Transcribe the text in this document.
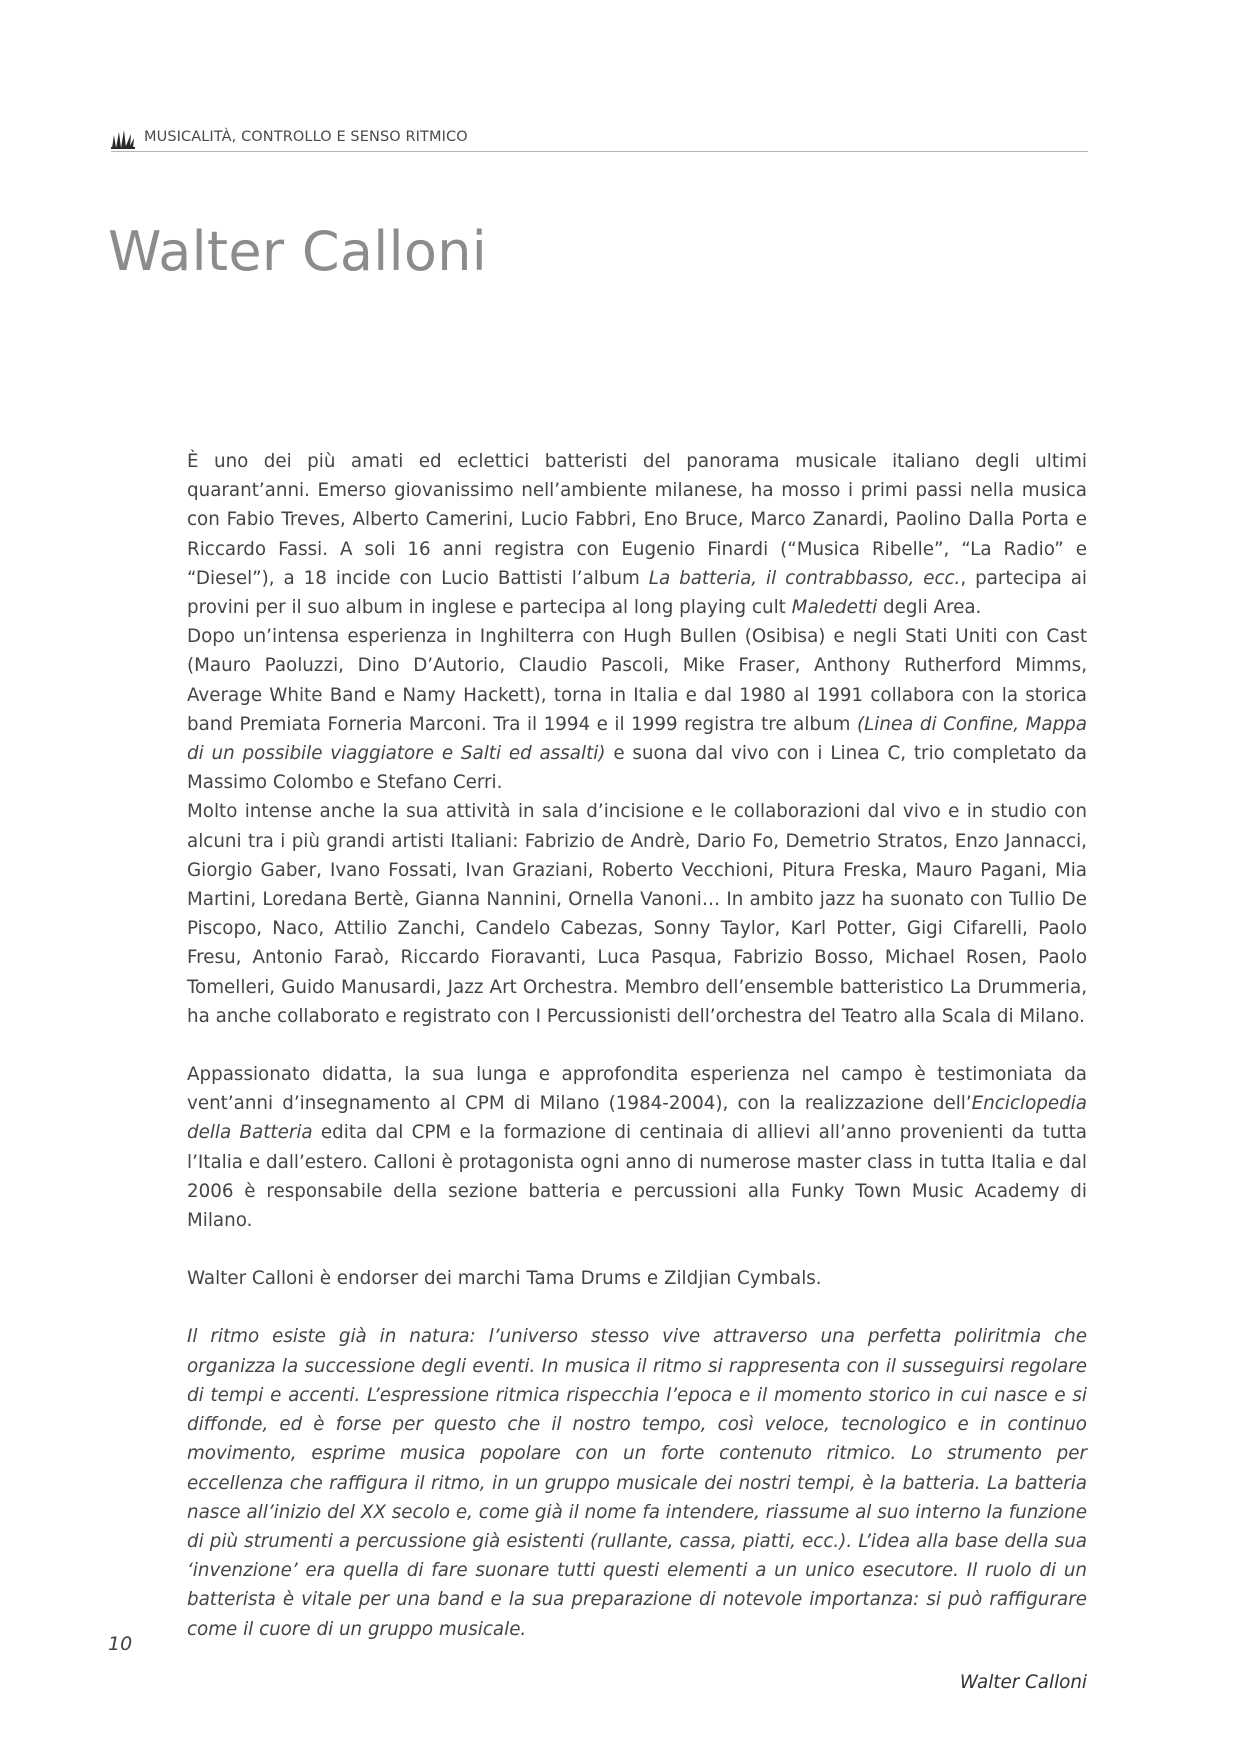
MUSICALITÀ, CONTROLLO E SENSO RITMICO
Walter Calloni

È uno dei più amati ed eclettici batteristi del panorama musicale italiano degli ultimi quarant’anni. Emerso giovanissimo nell’ambiente milanese, ha mosso i primi passi nella musica con Fabio Treves, Alberto Camerini, Lucio Fabbri, Eno Bruce, Marco Zanardi, Paolino Dalla Porta e Riccardo Fassi. A soli 16 anni registra con Eugenio Finardi (“Musica Ribelle”, “La Radio” e “Diesel”), a 18 incide con Lucio Battisti l’album La batteria, il contrabbasso, ecc., partecipa ai provini per il suo album in inglese e partecipa al long playing cult Maledetti degli Area.

Dopo un’intensa esperienza in Inghilterra con Hugh Bullen (Osibisa) e negli Stati Uniti con Cast (Mauro Paoluzzi, Dino D’Autorio, Claudio Pascoli, Mike Fraser, Anthony Rutherford Mimms, Average White Band e Namy Hackett), torna in Italia e dal 1980 al 1991 collabora con la storica band Premiata Forneria Marconi. Tra il 1994 e il 1999 registra tre album (Linea di Confine, Mappa di un possibile viaggiatore e Salti ed assalti) e suona dal vivo con i Linea C, trio completato da Massimo Colombo e Stefano Cerri.

Molto intense anche la sua attività in sala d’incisione e le collaborazioni dal vivo e in studio con alcuni tra i più grandi artisti Italiani: Fabrizio de Andrè, Dario Fo, Demetrio Stratos, Enzo Jannacci, Giorgio Gaber, Ivano Fossati, Ivan Graziani, Roberto Vecchioni, Pitura Freska, Mauro Pagani, Mia Martini, Loredana Bertè, Gianna Nannini, Ornella Vanoni… In ambito jazz ha suonato con Tullio De Piscopo, Naco, Attilio Zanchi, Candelo Cabezas, Sonny Taylor, Karl Potter, Gigi Cifarelli, Paolo Fresu, Antonio Faraò, Riccardo Fioravanti, Luca Pasqua, Fabrizio Bosso, Michael Rosen, Paolo Tomelleri, Guido Manusardi, Jazz Art Orchestra. Membro dell’ensemble batteristico La Drummeria, ha anche collaborato e registrato con I Percussionisti dell’orchestra del Teatro alla Scala di Milano.

Appassionato didatta, la sua lunga e approfondita esperienza nel campo è testimoniata da vent’anni d’insegnamento al CPM di Milano (1984-2004), con la realizzazione dell’Enciclopedia della Batteria edita dal CPM e la formazione di centinaia di allievi all’anno provenienti da tutta l’Italia e dall’estero. Calloni è protagonista ogni anno di numerose master class in tutta Italia e dal 2006 è responsabile della sezione batteria e percussioni alla Funky Town Music Academy di Milano.

Walter Calloni è endorser dei marchi Tama Drums e Zildjian Cymbals.

Il ritmo esiste già in natura: l’universo stesso vive attraverso una perfetta poliritmia che organizza la successione degli eventi. In musica il ritmo si rappresenta con il susseguirsi regolare di tempi e accenti. L’espressione ritmica rispecchia l’epoca e il momento storico in cui nasce e si diffonde, ed è forse per questo che il nostro tempo, così veloce, tecnologico e in continuo movimento, esprime musica popolare con un forte contenuto ritmico. Lo strumento per eccellenza che raffigura il ritmo, in un gruppo musicale dei nostri tempi, è la batteria. La batteria nasce all’inizio del XX secolo e, come già il nome fa intendere, riassume al suo interno la funzione di più strumenti a percussione già esistenti (rullante, cassa, piatti, ecc.). L’idea alla base della sua ‘invenzione’ era quella di fare suonare tutti questi elementi a un unico esecutore. Il ruolo di un batterista è vitale per una band e la sua preparazione di notevole importanza: si può raffigurare come il cuore di un gruppo musicale.

Walter Calloni

10
